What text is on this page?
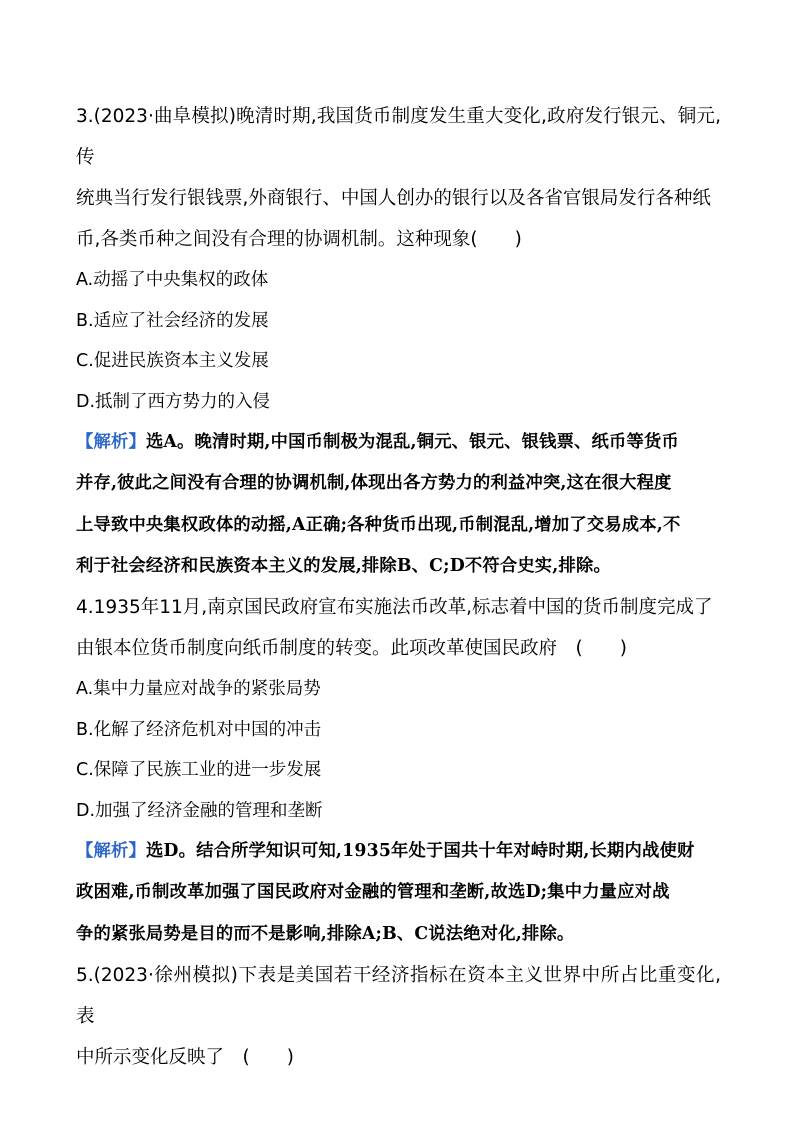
3.(2023·曲阜模拟)晚清时期,我国货币制度发生重大变化,政府发行银元、铜元,传

统典当行发行银钱票,外商银行、中国人创办的银行以及各省官银局发行各种纸

币,各类币种之间没有合理的协调机制。这种现象(　　)

A.动摇了中央集权的政体

B.适应了社会经济的发展

C.促进民族资本主义发展

D.抵制了西方势力的入侵

【解析】选A。晚清时期,中国币制极为混乱,铜元、银元、银钱票、纸币等货币

并存,彼此之间没有合理的协调机制,体现出各方势力的利益冲突,这在很大程度

上导致中央集权政体的动摇,A正确;各种货币出现,币制混乱,增加了交易成本,不

利于社会经济和民族资本主义的发展,排除B、C;D不符合史实,排除。

4.1935年11月,南京国民政府宣布实施法币改革,标志着中国的货币制度完成了

由银本位货币制度向纸币制度的转变。此项改革使国民政府　(　　)

A.集中力量应对战争的紧张局势

B.化解了经济危机对中国的冲击

C.保障了民族工业的进一步发展

D.加强了经济金融的管理和垄断

【解析】选D。结合所学知识可知,1935年处于国共十年对峙时期,长期内战使财

政困难,币制改革加强了国民政府对金融的管理和垄断,故选D;集中力量应对战

争的紧张局势是目的而不是影响,排除A;B、C说法绝对化,排除。

5.(2023·徐州模拟)下表是美国若干经济指标在资本主义世界中所占比重变化,表

中所示变化反映了　(　　)
